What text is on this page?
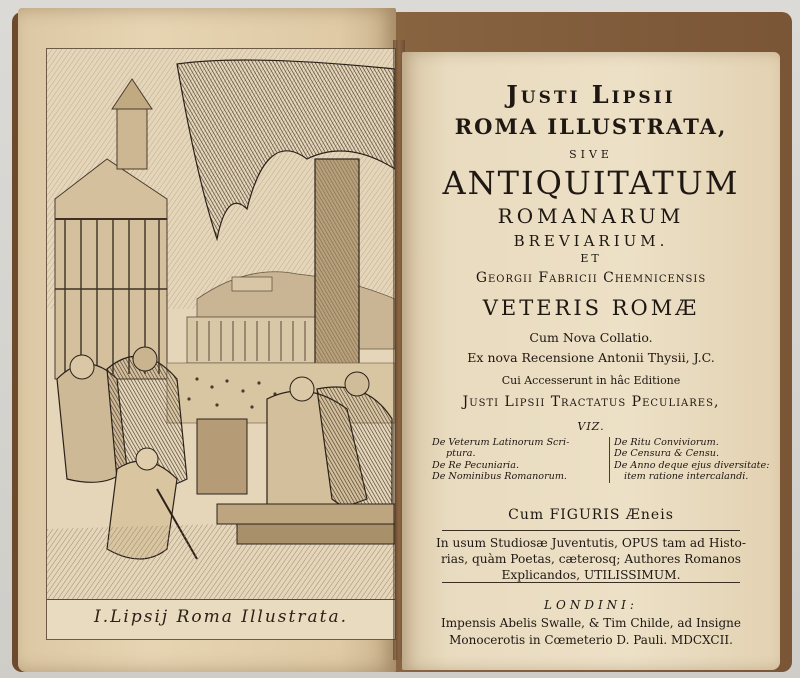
I.Lipsij Roma Illustrata.
Justi Lipsii
ROMA ILLUSTRATA,
SIVE
ANTIQUITATUM
ROMANARUM
BREVIARIUM.
ET
Georgii Fabricii Chemnicensis
VETERIS ROMÆ
Cum Nova Collatio.
Ex nova Recensione Antonii Thysii, J.C.
Cui Accesserunt in hâc Editione
Justi Lipsii Tractatus Peculiares,
VIZ.
De Veterum Latinorum Scri-
ptura.
De Re Pecuniaria.
De Nominibus Romanorum.
De Ritu Conviviorum.
De Censura & Censu.
De Anno deque ejus diversitate:
item ratione intercalandi.
Cum FIGURIS Æneis
In usum Studiosæ Juventutis, OPUS tam ad Histo-
rias, quàm Poetas, cæterosq; Authores Romanos
Explicandos, UTILISSIMUM.
LONDINI:
Impensis Abelis Swalle, & Tim Childe, ad Insigne
Monocerotis in Cœmeterio D. Pauli. MDCXCII.
